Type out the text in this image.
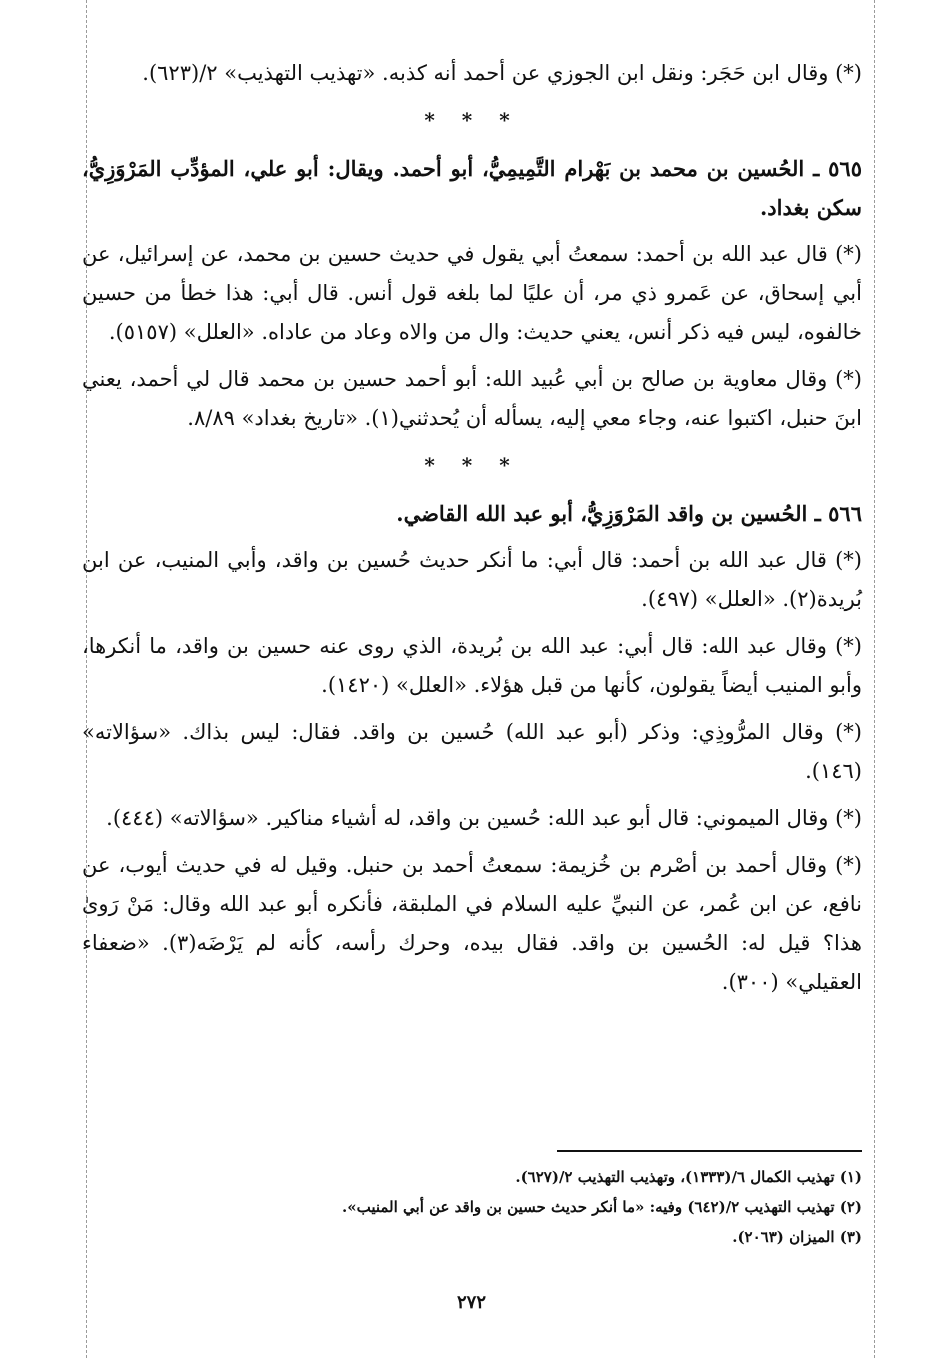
(*) وقال ابن حَجَر: ونقل ابن الجوزي عن أحمد أنه كذبه. «تهذيب التهذيب» ٢/(٦٢٣).

* * *

٥٦٥ ـ الحُسين بن محمد بن بَهْرام التَّمِيمِيُّ، أبو أحمد. ويقال: أبو علي، المؤدِّب المَرْوَزِيُّ، سكن بغداد.

(*) قال عبد الله بن أحمد: سمعتُ أبي يقول في حديث حسين بن محمد، عن إسرائيل، عن أبي إسحاق، عن عَمرو ذي مر، أن عليًا لما بلغه قول أنس. قال أبي: هذا خطأ من حسين خالفوه، ليس فيه ذكر أنس، يعني حديث: وال من والاه وعاد من عاداه. «العلل» (٥١٥٧).

(*) وقال معاوية بن صالح بن أبي عُبيد الله: أبو أحمد حسين بن محمد قال لي أحمد، يعني ابنَ حنبل، اكتبوا عنه، وجاء معي إليه، يسأله أن يُحدثني(١). «تاريخ بغداد» ٨/٨٩.

* * *

٥٦٦ ـ الحُسين بن واقد المَرْوَزِيُّ، أبو عبد الله القاضي.

(*) قال عبد الله بن أحمد: قال أبي: ما أنكر حديث حُسين بن واقد، وأبي المنيب، عن ابن بُريدة(٢). «العلل» (٤٩٧).

(*) وقال عبد الله: قال أبي: عبد الله بن بُريدة، الذي روى عنه حسين بن واقد، ما أنكرها، وأبو المنيب أيضاً يقولون، كأنها من قبل هؤلاء. «العلل» (١٤٢٠).

(*) وقال المرُّوذِي: وذكر (أبو عبد الله) حُسين بن واقد. فقال: ليس بذاك. «سؤالاته» (١٤٦).

(*) وقال الميموني: قال أبو عبد الله: حُسين بن واقد، له أشياء مناكير. «سؤالاته» (٤٤٤).

(*) وقال أحمد بن أصْرم بن خُزيمة: سمعتُ أحمد بن حنبل. وقيل له في حديث أيوب، عن نافع، عن ابن عُمر، عن النبيِّ عليه السلام في الملبقة، فأنكره أبو عبد الله وقال: مَنْ رَوىٰ هذا؟ قيل له: الحُسين بن واقد. فقال بيده، وحرك رأسه، كأنه لم يَرْضَه(٣). «ضعفاء العقيلي» (٣٠٠).

(١) تهذيب الكمال ٦/(١٣٣٣)، وتهذيب التهذيب ٢/(٦٢٧).
(٢) تهذيب التهذيب ٢/(٦٤٢) وفيه: «ما أنكر حديث حسين بن واقد عن أبي المنيب».
(٣) الميزان (٢٠٦٣).
٢٧٢
